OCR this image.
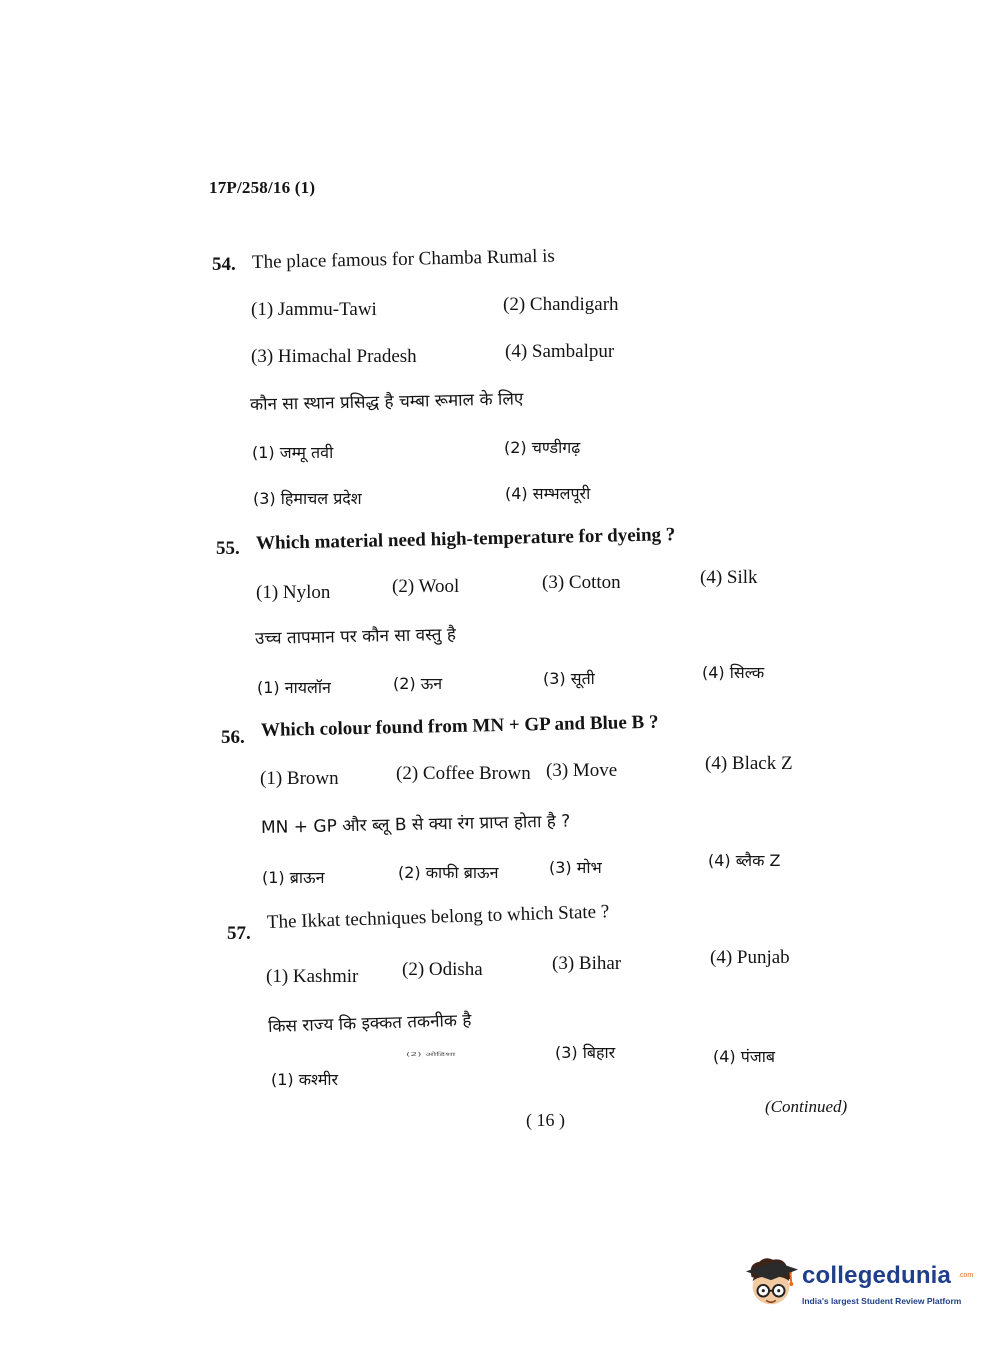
17P/258/16 (1)
54. The place famous for Chamba Rumal is
(1) Jammu-Tawi	(2) Chandigarh
(3) Himachal Pradesh	(4) Sambalpur
कौन सा स्थान प्रसिद्ध है चम्बा रूमाल के लिए
(1) जम्मू तवी	(2) चण्डीगढ़
(3) हिमाचल प्रदेश	(4) सम्भलपूरी
55. Which material need high-temperature for dyeing ?
(1) Nylon	(2) Wool	(3) Cotton	(4) Silk
उच्च तापमान पर कौन सा वस्तु है
(1) नायलॉन	(2) ऊन	(3) सूती	(4) सिल्क
56. Which colour found from MN + GP and Blue B ?
(1) Brown	(2) Coffee Brown (3) Move	(4) Black Z
MN + GP और ब्लू B से क्या रंग प्राप्त होता है ?
(1) ब्राऊन	(2) काफी ब्राऊन	(3) मोभ	(4) ब्लैक Z
57.
The Ikkat techniques belong to which State ?
(1) Kashmir (2) Odisha	(3) Bihar	(4) Punjab
किस राज्य कि इक्कत तकनीक है
(1) कश्मीर
(2) ओडिशा	(3) बिहार	(4) पंजाब
( 16 )
(Continued)
collegedunia .com
India's largest Student Review Platform
